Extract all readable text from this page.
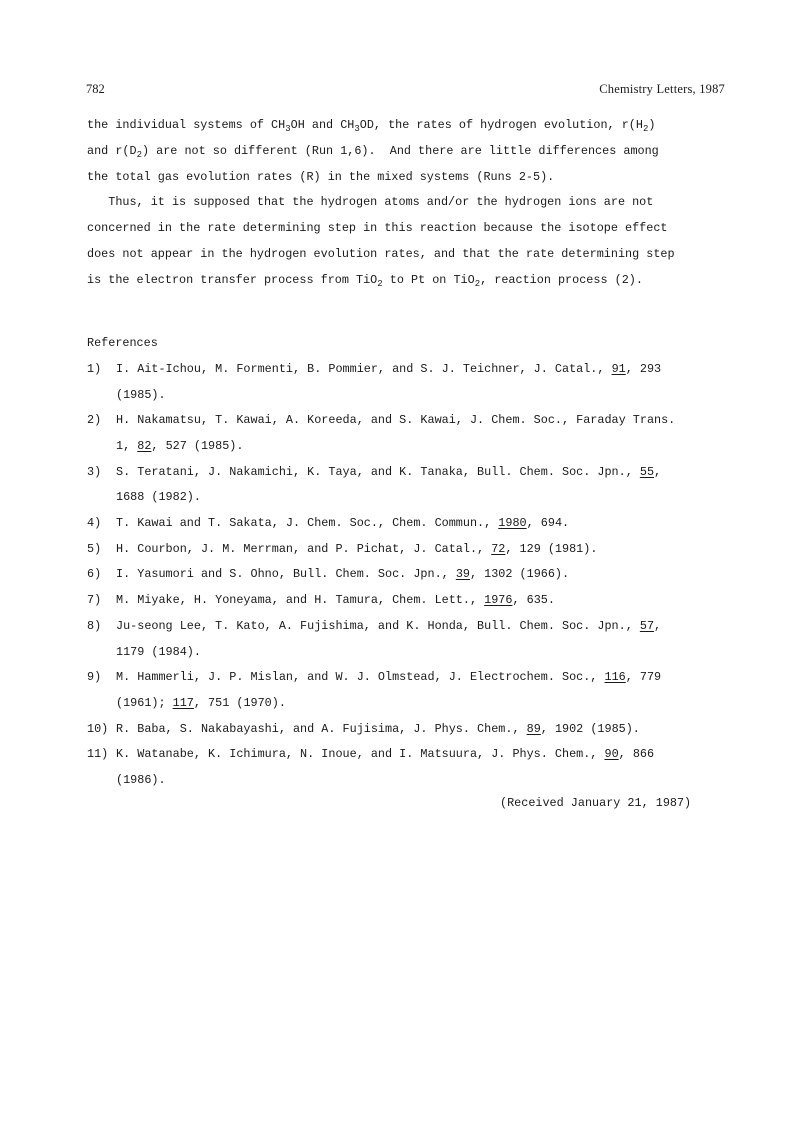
782	Chemistry Letters, 1987
the individual systems of $CH_3OH$ and $CH_3OD$, the rates of hydrogen evolution, $r(H_2)$
and $r(D_2)$ are not so different (Run 1,6).  And there are little differences among
the total gas evolution rates (R) in the mixed systems (Runs 2-5).
Thus, it is supposed that the hydrogen atoms and/or the hydrogen ions are not
concerned in the rate determining step in this reaction because the isotope effect
does not appear in the hydrogen evolution rates, and that the rate determining step
is the electron transfer process from TiO$_2$ to Pt on TiO$_2$, reaction process (2).
References
1) I. Ait-Ichou, M. Formenti, B. Pommier, and S. J. Teichner, J. Catal., 91, 293
(1985).
2) H. Nakamatsu, T. Kawai, A. Koreeda, and S. Kawai, J. Chem. Soc., Faraday Trans.
1, 82, 527 (1985).
3) S. Teratani, J. Nakamichi, K. Taya, and K. Tanaka, Bull. Chem. Soc. Jpn., 55,
1688 (1982).
4) T. Kawai and T. Sakata, J. Chem. Soc., Chem. Commun., 1980, 694.
5) H. Courbon, J. M. Merrman, and P. Pichat, J. Catal., 72, 129 (1981).
6) I. Yasumori and S. Ohno, Bull. Chem. Soc. Jpn., 39, 1302 (1966).
7) M. Miyake, H. Yoneyama, and H. Tamura, Chem. Lett., 1976, 635.
8) Ju-seong Lee, T. Kato, A. Fujishima, and K. Honda, Bull. Chem. Soc. Jpn., 57,
1179 (1984).
9) M. Hammerli, J. P. Mislan, and W. J. Olmstead, J. Electrochem. Soc., 116, 779
(1961); 117, 751 (1970).
10) R. Baba, S. Nakabayashi, and A. Fujisima, J. Phys. Chem., 89, 1902 (1985).
11) K. Watanabe, K. Ichimura, N. Inoue, and I. Matsuura, J. Phys. Chem., 90, 866
(1986).
(Received January 21, 1987)
